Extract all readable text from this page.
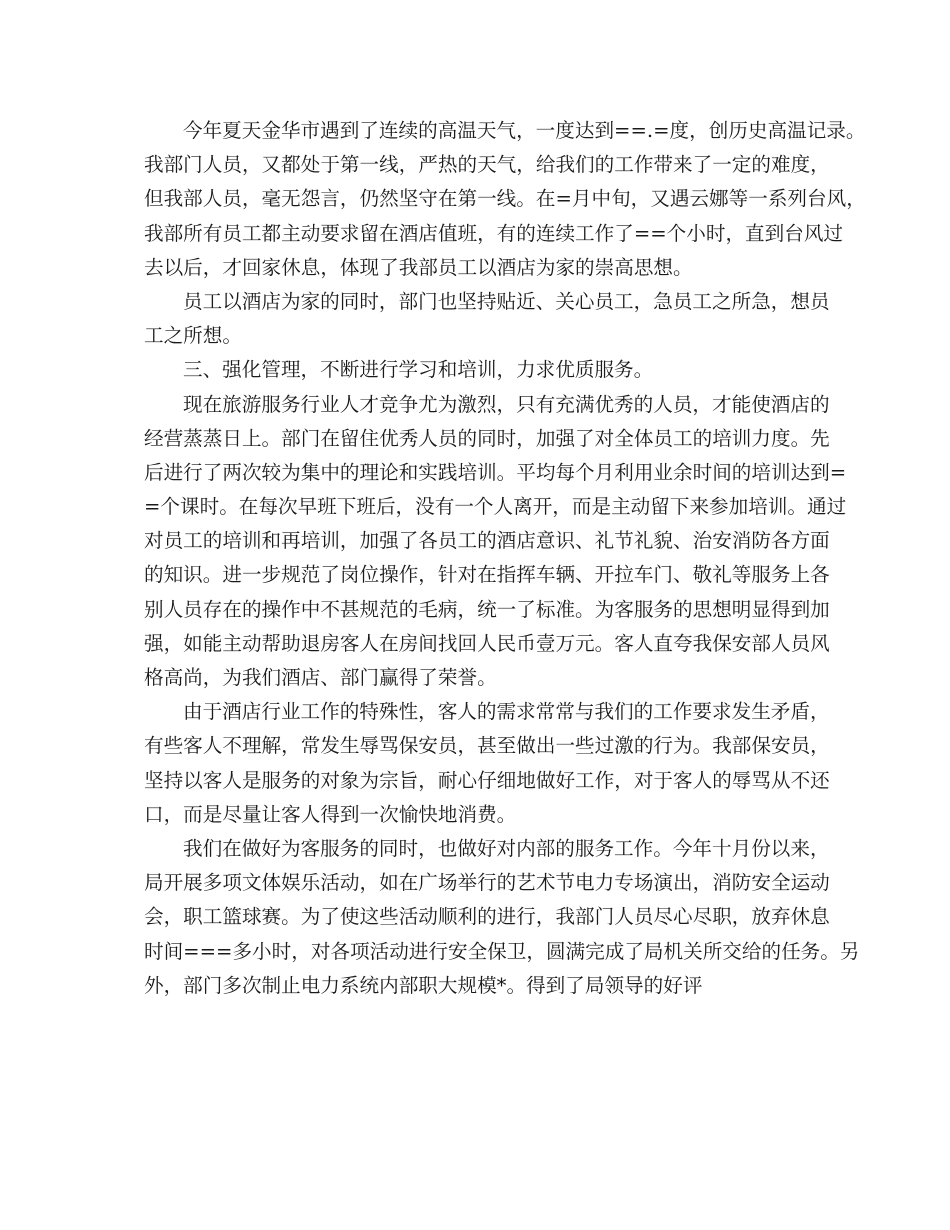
今年夏天金华市遇到了连续的高温天气，一度达到==.=度，创历史高温记录。
我部门人员，又都处于第一线，严热的天气，给我们的工作带来了一定的难度，
但我部人员，毫无怨言，仍然坚守在第一线。在=月中旬，又遇云娜等一系列台风，
我部所有员工都主动要求留在酒店值班，有的连续工作了==个小时，直到台风过
去以后，才回家休息，体现了我部员工以酒店为家的崇高思想。
员工以酒店为家的同时，部门也坚持贴近、关心员工，急员工之所急，想员
工之所想。
三、强化管理，不断进行学习和培训，力求优质服务。
现在旅游服务行业人才竞争尤为激烈，只有充满优秀的人员，才能使酒店的
经营蒸蒸日上。部门在留住优秀人员的同时，加强了对全体员工的培训力度。先
后进行了两次较为集中的理论和实践培训。平均每个月利用业余时间的培训达到=
=个课时。在每次早班下班后，没有一个人离开，而是主动留下来参加培训。通过
对员工的培训和再培训，加强了各员工的酒店意识、礼节礼貌、治安消防各方面
的知识。进一步规范了岗位操作，针对在指挥车辆、开拉车门、敬礼等服务上各
别人员存在的操作中不甚规范的毛病，统一了标准。为客服务的思想明显得到加
强，如能主动帮助退房客人在房间找回人民币壹万元。客人直夸我保安部人员风
格高尚，为我们酒店、部门赢得了荣誉。
由于酒店行业工作的特殊性，客人的需求常常与我们的工作要求发生矛盾，
有些客人不理解，常发生辱骂保安员，甚至做出一些过激的行为。我部保安员，
坚持以客人是服务的对象为宗旨，耐心仔细地做好工作，对于客人的辱骂从不还
口，而是尽量让客人得到一次愉快地消费。
我们在做好为客服务的同时，也做好对内部的服务工作。今年十月份以来，
局开展多项文体娱乐活动，如在广场举行的艺术节电力专场演出，消防安全运动
会，职工篮球赛。为了使这些活动顺利的进行，我部门人员尽心尽职，放弃休息
时间===多小时，对各项活动进行安全保卫，圆满完成了局机关所交给的任务。另
外，部门多次制止电力系统内部职大规模*。得到了局领导的好评
